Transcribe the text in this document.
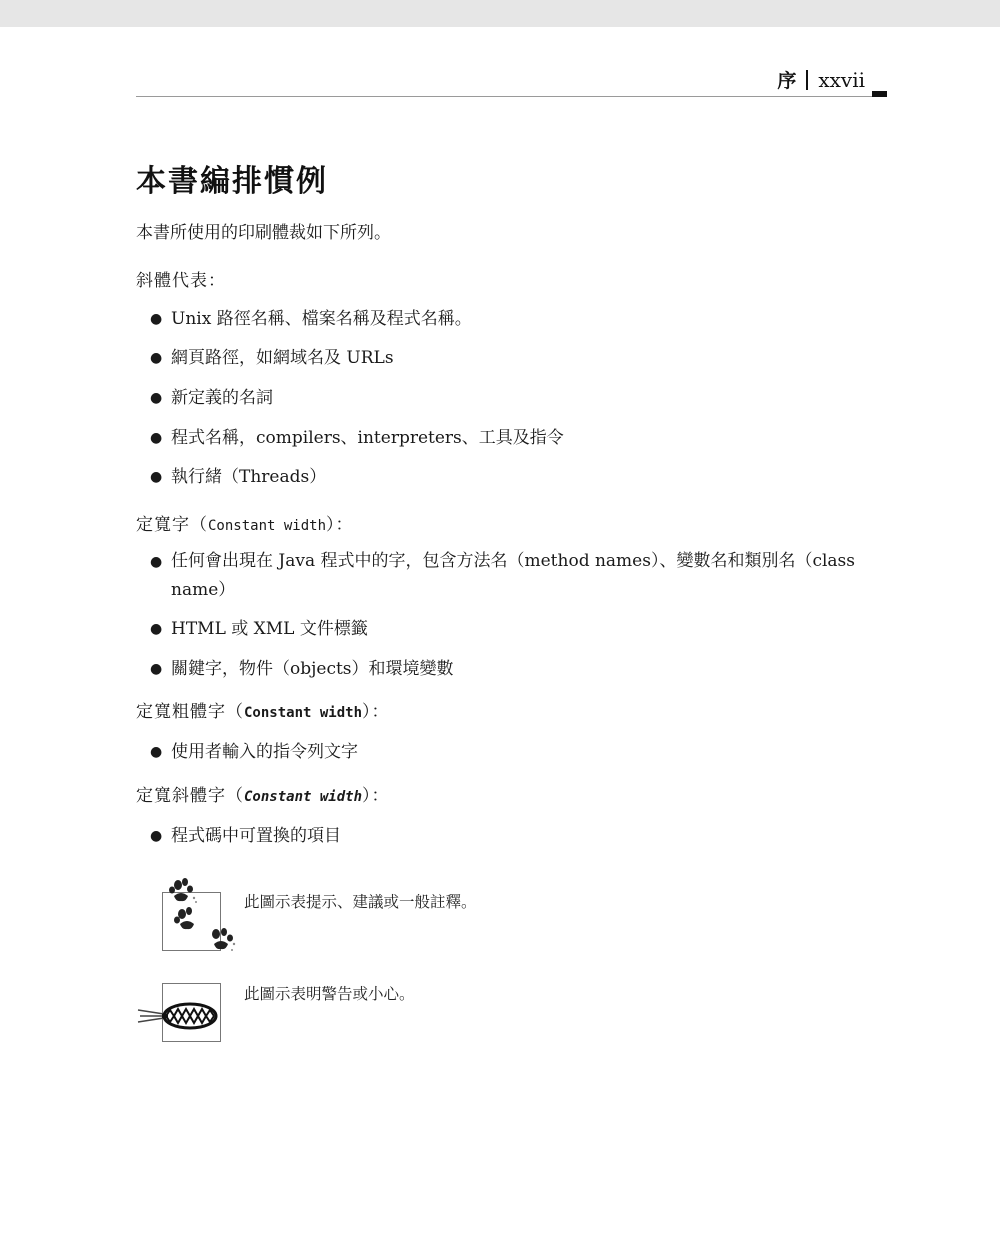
序 xxvii
本書編排慣例
本書所使用的印刷體裁如下所列。
斜體代表：
● Unix 路徑名稱、檔案名稱及程式名稱。
● 網頁路徑，如網域名及 URLs
● 新定義的名詞
● 程式名稱，compilers、interpreters、工具及指令
● 執行緒（Threads）
定寬字（Constant width）：
● 任何會出現在 Java 程式中的字，包含方法名（method names）、變數名和類別名（class name）
● HTML 或 XML 文件標籤
● 關鍵字，物件（objects）和環境變數
定寬粗體字（Constant width）：
● 使用者輸入的指令列文字
定寬斜體字（Constant width）：
● 程式碼中可置換的項目
此圖示表提示、建議或一般註釋。
此圖示表明警告或小心。
